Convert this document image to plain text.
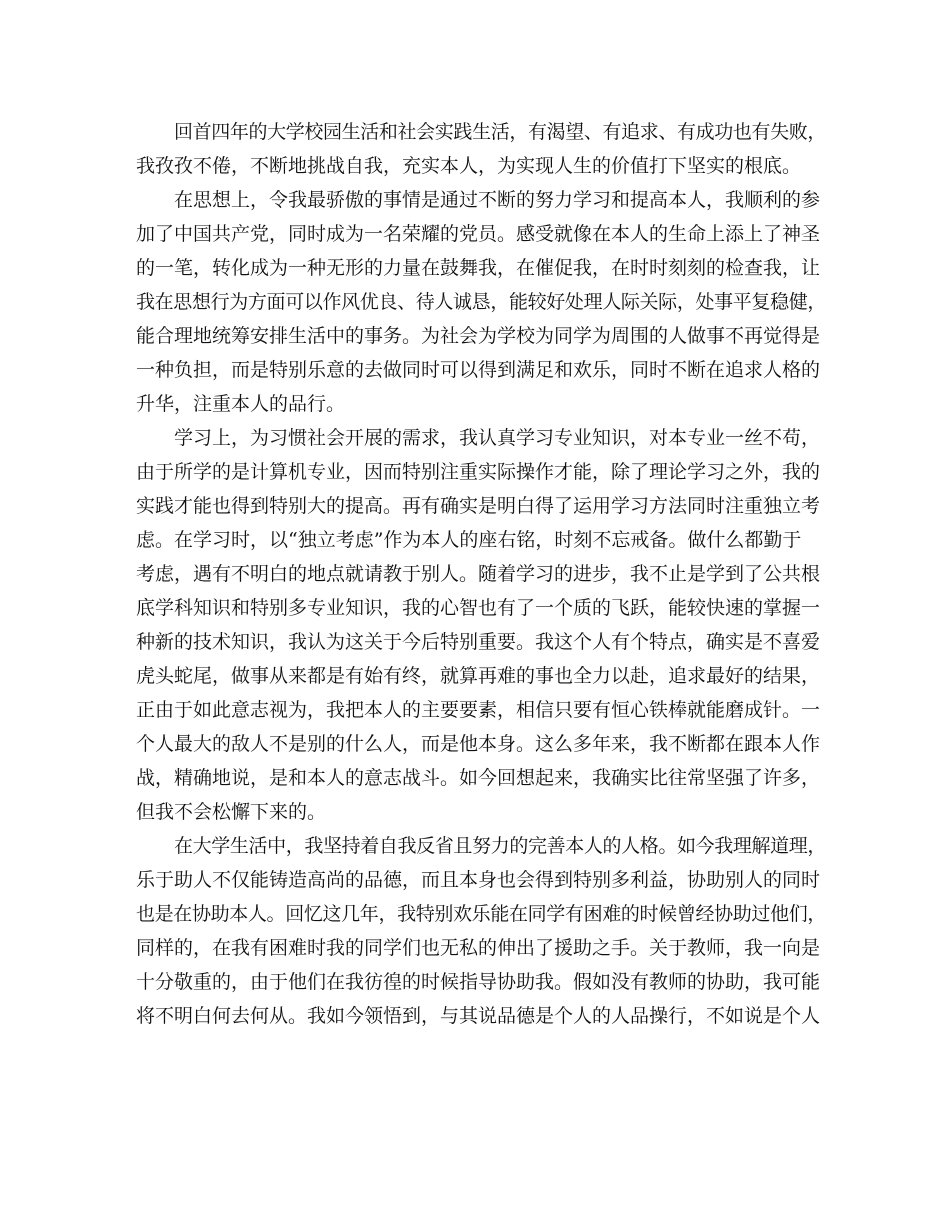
回首四年的大学校园生活和社会实践生活，有渴望、有追求、有成功也有失败，
我孜孜不倦，不断地挑战自我，充实本人，为实现人生的价值打下坚实的根底。
在思想上，令我最骄傲的事情是通过不断的努力学习和提高本人，我顺利的参
加了中国共产党，同时成为一名荣耀的党员。感受就像在本人的生命上添上了神圣
的一笔，转化成为一种无形的力量在鼓舞我，在催促我，在时时刻刻的检查我，让
我在思想行为方面可以作风优良、待人诚恳，能较好处理人际关际，处事平复稳健，
能合理地统筹安排生活中的事务。为社会为学校为同学为周围的人做事不再觉得是
一种负担，而是特别乐意的去做同时可以得到满足和欢乐，同时不断在追求人格的
升华，注重本人的品行。
学习上，为习惯社会开展的需求，我认真学习专业知识，对本专业一丝不苟，
由于所学的是计算机专业，因而特别注重实际操作才能，除了理论学习之外，我的
实践才能也得到特别大的提高。再有确实是明白得了运用学习方法同时注重独立考
虑。在学习时，以“独立考虑”作为本人的座右铭，时刻不忘戒备。做什么都勤于
考虑，遇有不明白的地点就请教于别人。随着学习的进步，我不止是学到了公共根
底学科知识和特别多专业知识，我的心智也有了一个质的飞跃，能较快速的掌握一
种新的技术知识，我认为这关于今后特别重要。我这个人有个特点，确实是不喜爱
虎头蛇尾，做事从来都是有始有终，就算再难的事也全力以赴，追求最好的结果，
正由于如此意志视为，我把本人的主要要素，相信只要有恒心铁棒就能磨成针。一
个人最大的敌人不是别的什么人，而是他本身。这么多年来，我不断都在跟本人作
战，精确地说，是和本人的意志战斗。如今回想起来，我确实比往常坚强了许多，
但我不会松懈下来的。
在大学生活中，我坚持着自我反省且努力的完善本人的人格。如今我理解道理，
乐于助人不仅能铸造高尚的品德，而且本身也会得到特别多利益，协助别人的同时
也是在协助本人。回忆这几年，我特别欢乐能在同学有困难的时候曾经协助过他们，
同样的，在我有困难时我的同学们也无私的伸出了援助之手。关于教师，我一向是
十分敬重的，由于他们在我彷徨的时候指导协助我。假如没有教师的协助，我可能
将不明白何去何从。我如今领悟到，与其说品德是个人的人品操行，不如说是个人
